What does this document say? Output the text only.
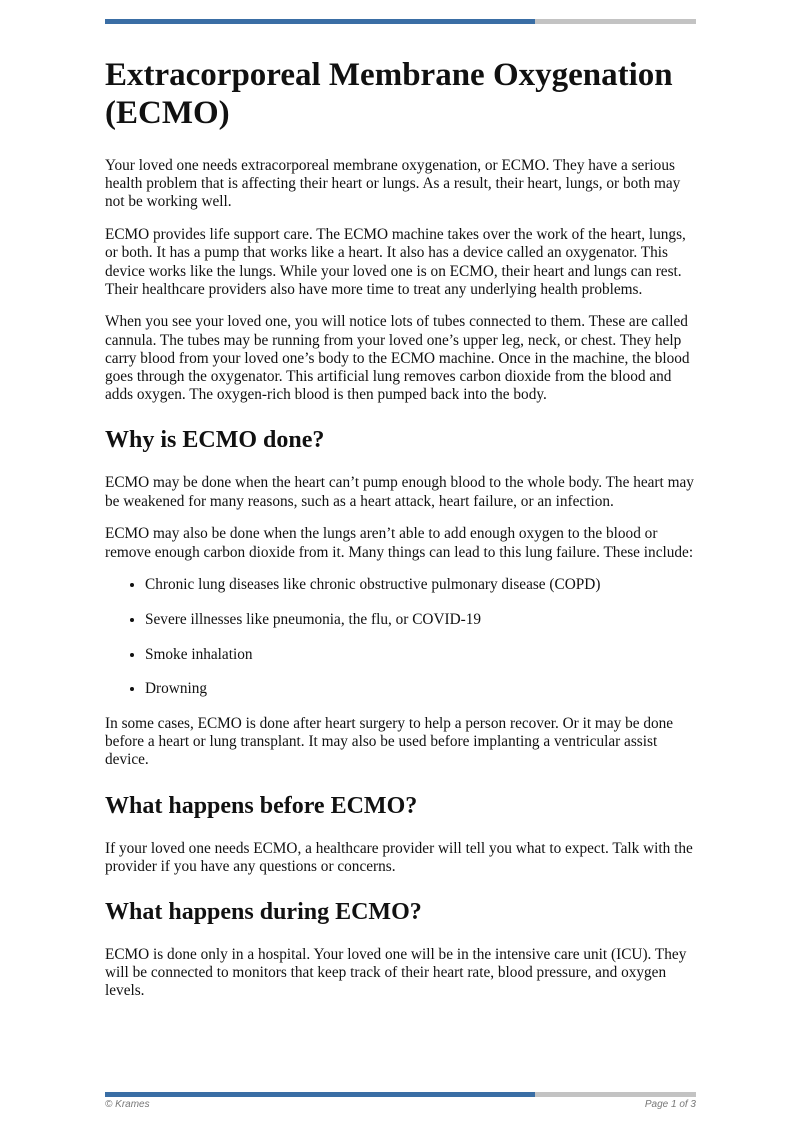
Extracorporeal Membrane Oxygenation (ECMO)

Your loved one needs extracorporeal membrane oxygenation, or ECMO. They have a serious health problem that is affecting their heart or lungs. As a result, their heart, lungs, or both may not be working well.

ECMO provides life support care. The ECMO machine takes over the work of the heart, lungs, or both. It has a pump that works like a heart. It also has a device called an oxygenator. This device works like the lungs. While your loved one is on ECMO, their heart and lungs can rest. Their healthcare providers also have more time to treat any underlying health problems.

When you see your loved one, you will notice lots of tubes connected to them. These are called cannula. The tubes may be running from your loved one’s upper leg, neck, or chest. They help carry blood from your loved one’s body to the ECMO machine. Once in the machine, the blood goes through the oxygenator. This artificial lung removes carbon dioxide from the blood and adds oxygen. The oxygen-rich blood is then pumped back into the body.

Why is ECMO done?

ECMO may be done when the heart can’t pump enough blood to the whole body. The heart may be weakened for many reasons, such as a heart attack, heart failure, or an infection.

ECMO may also be done when the lungs aren’t able to add enough oxygen to the blood or remove enough carbon dioxide from it. Many things can lead to this lung failure. These include:

• Chronic lung diseases like chronic obstructive pulmonary disease (COPD)
• Severe illnesses like pneumonia, the flu, or COVID-19
• Smoke inhalation
• Drowning

In some cases, ECMO is done after heart surgery to help a person recover. Or it may be done before a heart or lung transplant. It may also be used before implanting a ventricular assist device.

What happens before ECMO?

If your loved one needs ECMO, a healthcare provider will tell you what to expect. Talk with the provider if you have any questions or concerns.

What happens during ECMO?

ECMO is done only in a hospital. Your loved one will be in the intensive care unit (ICU). They will be connected to monitors that keep track of their heart rate, blood pressure, and oxygen levels.

© Krames	Page 1 of 3
